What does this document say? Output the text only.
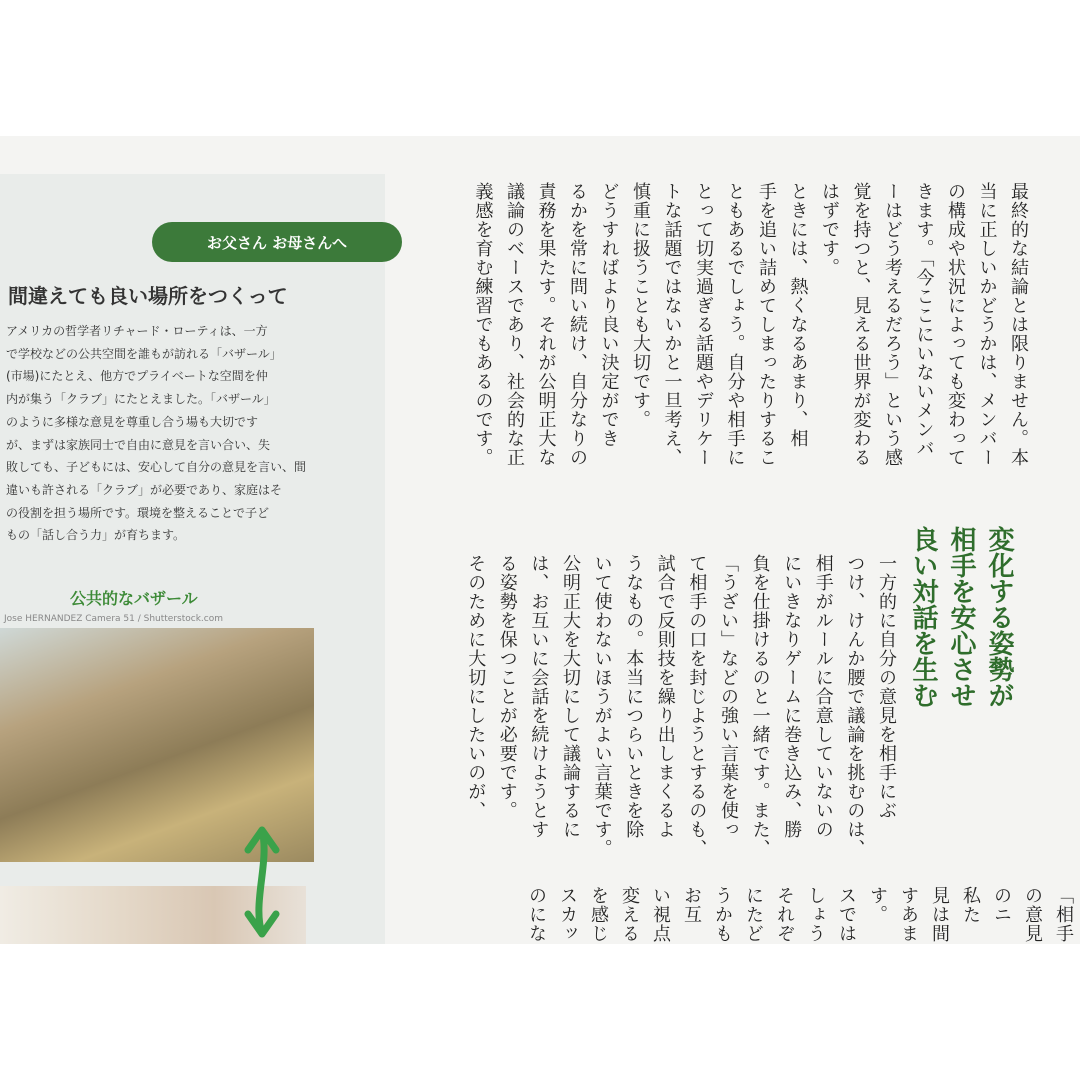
お父さん お母さんへ
間違えても良い場所をつくって
アメリカの哲学者リチャード・ローティは、一方
で学校などの公共空間を誰もが訪れる「バザール」
(市場)にたとえ、他方でプライベートな空間を仲
内が集う「クラブ」にたとえました。「バザール」
のように多様な意見を尊重し合う場も大切です
が、まずは家族同士で自由に意見を言い合い、失
敗しても、子どもには、安心して自分の意見を言い、間
違いも許される「クラブ」が必要であり、家庭はそ
の役割を担う場所です。環境を整えることで子ど
もの「話し合う力」が育ちます。
公共的なバザール
Jose HERNANDEZ Camera 51 / Shutterstock.com
最終的な結論とは限りません。本
当に正しいかどうかは、メンバー
の構成や状況によっても変わって
きます。「今ここにいないメンバ
ーはどう考えるだろう」という感
覚を持つと、見える世界が変わる
はずです。
ときには、熱くなるあまり、相
手を追い詰めてしまったりするこ
ともあるでしょう。自分や相手に
とって切実過ぎる話題やデリケー
トな話題ではないかと一旦考え、
慎重に扱うことも大切です。
どうすればより良い決定ができ
るかを常に問い続け、自分なりの
責務を果たす。それが公明正大な
議論のベースであり、社会的な正
義感を育む練習でもあるのです。
変化する姿勢が
相手を安心させ
良い対話を生む
一方的に自分の意見を相手にぶ
つけ、けんか腰で議論を挑むのは、
相手がルールに合意していないの
にいきなりゲームに巻き込み、勝
負を仕掛けるのと一緒です。また、
「うざい」などの強い言葉を使っ
て相手の口を封じようとするのも、
試合で反則技を繰り出しまくるよ
うなもの。本当につらいときを除
いて使わないほうがよい言葉です。
公明正大を大切にして議論するに
は、お互いに会話を続けようとす
る姿勢を保つことが必要です。
そのために大切にしたいのが、
「相手
の意見
のニ
私た
見は間
すあま
す。
スでは
しょう
それぞ
にたど
うかも
お互
い視点
変える
を感じ
スカッ
のにな
